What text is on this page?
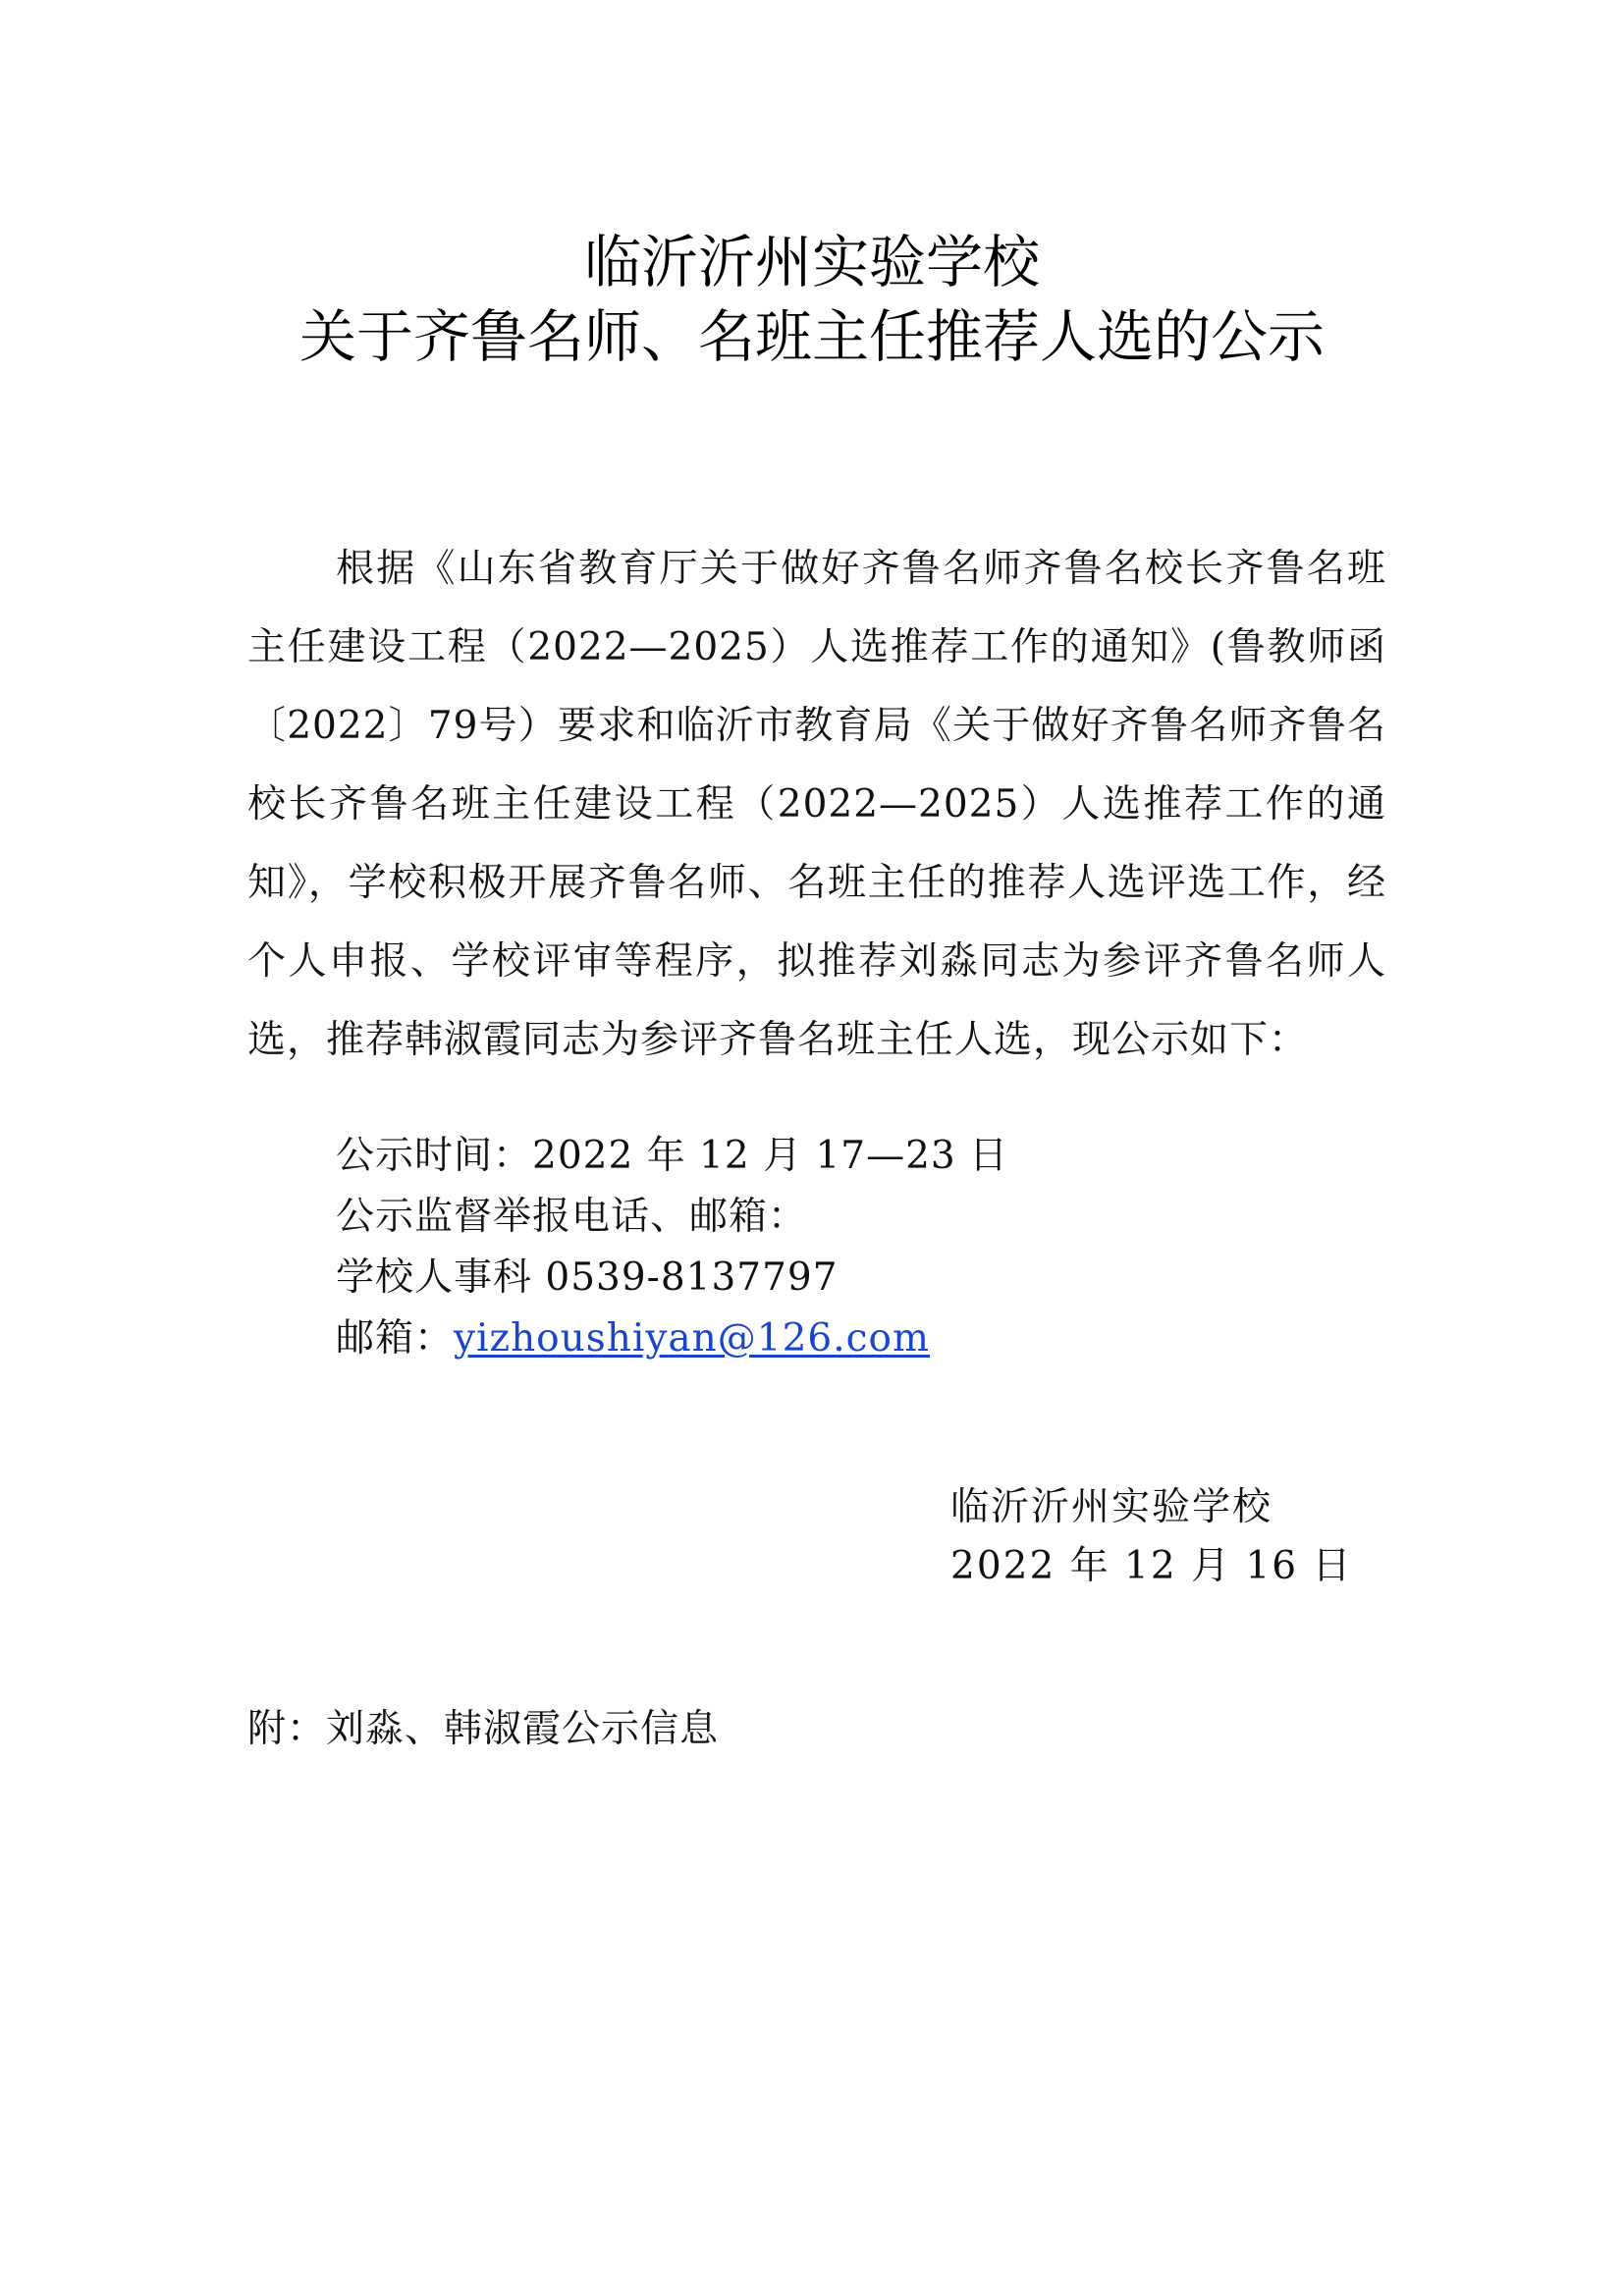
临沂沂州实验学校
关于齐鲁名师、名班主任推荐人选的公示

根据《山东省教育厅关于做好齐鲁名师齐鲁名校长齐鲁名班主任建设工程（2022—2025）人选推荐工作的通知》(鲁教师函〔2022〕79号）要求和临沂市教育局《关于做好齐鲁名师齐鲁名校长齐鲁名班主任建设工程（2022—2025）人选推荐工作的通知》，学校积极开展齐鲁名师、名班主任的推荐人选评选工作，经个人申报、学校评审等程序，拟推荐刘淼同志为参评齐鲁名师人选，推荐韩淑霞同志为参评齐鲁名班主任人选，现公示如下：

公示时间：2022 年 12 月 17—23 日
公示监督举报电话、邮箱：
学校人事科 0539-8137797
邮箱：yizhoushiyan@126.com
临沂沂州实验学校
2022 年 12 月 16 日
附：刘淼、韩淑霞公示信息
